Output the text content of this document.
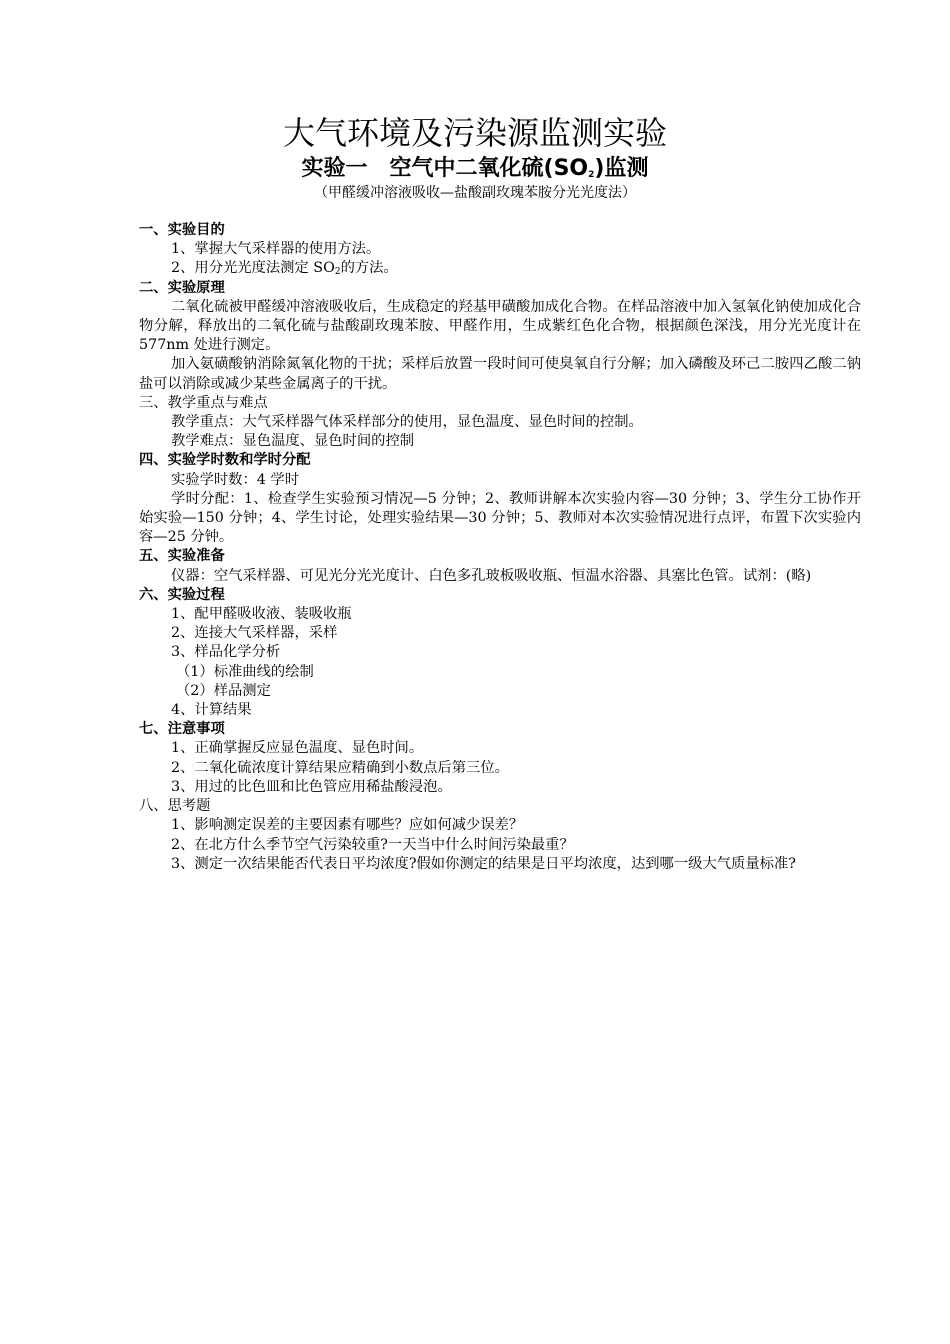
大气环境及污染源监测实验
实验一 空气中二氧化硫$(SO_2)$监测
（甲醛缓冲溶液吸收—盐酸副玫瑰苯胺分光光度法）
一、实验目的
1、掌握大气采样器的使用方法。
2、用分光光度法测定 $SO_2$的方法。
二、实验原理
二氧化硫被甲醛缓冲溶液吸收后，生成稳定的羟基甲磺酸加成化合物。在样品溶液中加入氢氧化钠使加成化合物分解，释放出的二氧化硫与盐酸副玫瑰苯胺、甲醛作用，生成紫红色化合物，根据颜色深浅，用分光光度计在 577nm 处进行测定。
加入氨磺酸钠消除氮氧化物的干扰；采样后放置一段时间可使臭氧自行分解；加入磷酸及环己二胺四乙酸二钠盐可以消除或减少某些金属离子的干扰。
三、教学重点与难点
教学重点：大气采样器气体采样部分的使用，显色温度、显色时间的控制。
教学难点：显色温度、显色时间的控制
四、实验学时数和学时分配
实验学时数：4 学时
学时分配：1、检查学生实验预习情况—5 分钟；2、教师讲解本次实验内容—30 分钟；3、学生分工协作开始实验—150 分钟；4、学生讨论，处理实验结果—30 分钟；5、教师对本次实验情况进行点评，布置下次实验内容—25 分钟。
五、实验准备
仪器：空气采样器、可见光分光光度计、白色多孔玻板吸收瓶、恒温水浴器、具塞比色管。试剂：(略)
六、实验过程
1、配甲醛吸收液、装吸收瓶
2、连接大气采样器，采样
3、样品化学分析
（1）标准曲线的绘制
（2）样品测定
4、计算结果
七、注意事项
1、正确掌握反应显色温度、显色时间。
2、二氧化硫浓度计算结果应精确到小数点后第三位。
3、用过的比色皿和比色管应用稀盐酸浸泡。
八、思考题
1、影响测定误差的主要因素有哪些？应如何减少误差？
2、在北方什么季节空气污染较重?一天当中什么时间污染最重？
3、测定一次结果能否代表日平均浓度?假如你测定的结果是日平均浓度，达到哪一级大气质量标准?
